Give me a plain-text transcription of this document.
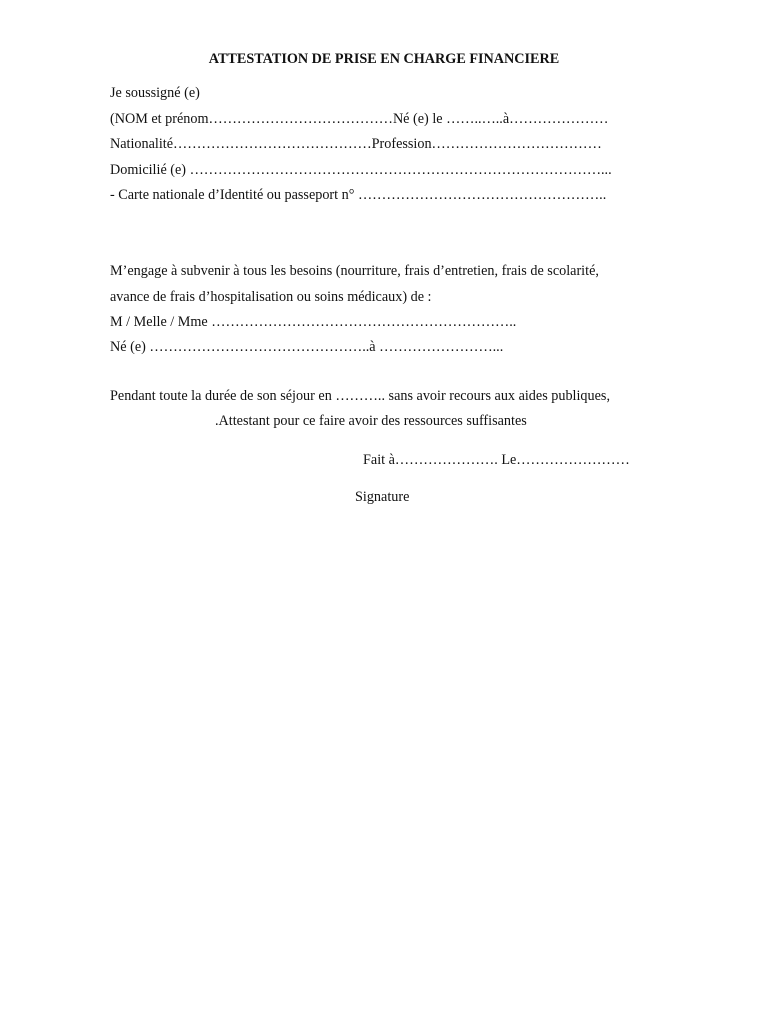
ATTESTATION DE PRISE EN CHARGE FINANCIERE
Je soussigné (e)
(NOM et prénom…………………………………Né (e) le ……..…..à…………………
Nationalité……………………………………Profession………………………………
Domicilié (e) ……………………………………………………………………………...
- Carte nationale d’Identité ou passeport n° ……………………………………………..
M’engage à subvenir à tous les besoins (nourriture, frais d’entretien, frais de scolarité,
avance de frais d’hospitalisation ou soins médicaux) de :
M / Melle / Mme ………………………………………………………..
Né (e) ………………………………………..à ……………………...
Pendant toute la durée de son séjour en ……….. sans avoir recours aux aides publiques,
.Attestant pour ce faire avoir des ressources suffisantes
Fait à…………………. Le……………………
Signature
